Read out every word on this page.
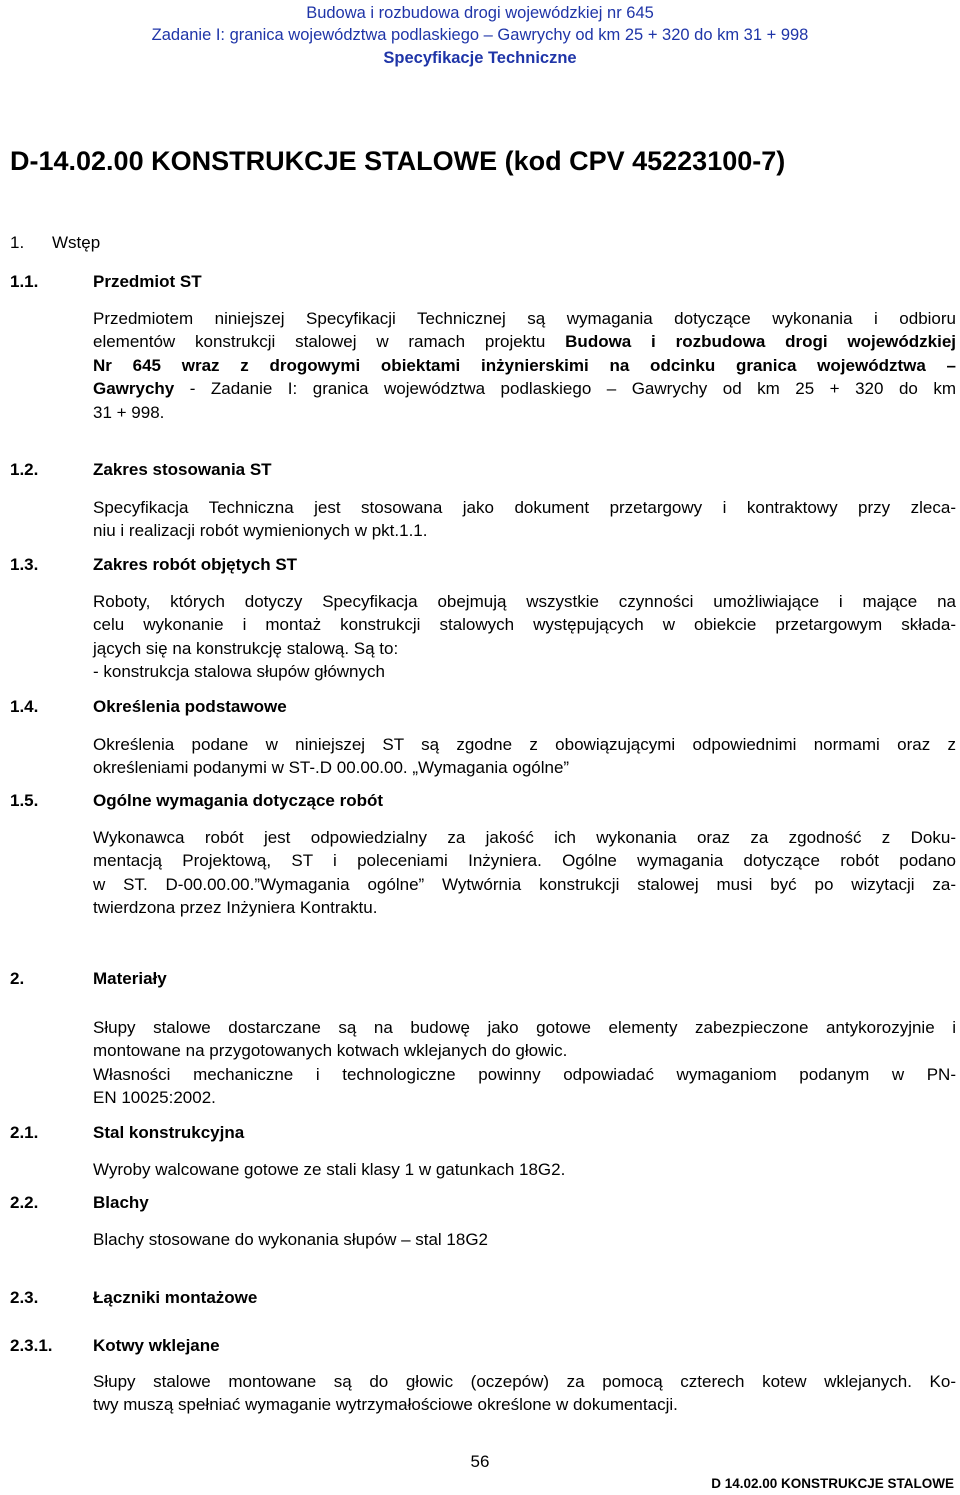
Budowa i rozbudowa drogi wojewódzkiej nr 645
Zadanie I: granica województwa podlaskiego – Gawrychy od km 25 + 320 do km 31 + 998
Specyfikacje Techniczne
D-14.02.00 KONSTRUKCJE STALOWE (kod CPV 45223100-7)
1. Wstęp
1.1.	Przedmiot ST
Przedmiotem niniejszej Specyfikacji Technicznej są wymagania dotyczące wykonania i odbioru
elementów konstrukcji stalowej w ramach projektu Budowa i rozbudowa drogi wojewódzkiej
Nr 645 wraz z drogowymi obiektami inżynierskimi na odcinku granica województwa –
Gawrychy - Zadanie I: granica województwa podlaskiego – Gawrychy od km 25 + 320 do km
31 + 998.
1.2.	Zakres stosowania ST
Specyfikacja Techniczna jest stosowana jako dokument przetargowy i kontraktowy przy zleca-
niu i realizacji robót wymienionych w pkt.1.1.
1.3.	Zakres robót objętych ST
Roboty, których dotyczy Specyfikacja obejmują wszystkie czynności umożliwiające i mające na
celu wykonanie i montaż konstrukcji stalowych występujących w obiekcie przetargowym składa-
jących się na konstrukcję stalową. Są to:
- konstrukcja stalowa słupów głównych
1.4.	Określenia podstawowe
Określenia podane w niniejszej ST są zgodne z obowiązującymi odpowiednimi normami oraz z
określeniami podanymi w ST-.D 00.00.00. „Wymagania ogólne”
1.5.	Ogólne wymagania dotyczące robót
Wykonawca robót jest odpowiedzialny za jakość ich wykonania oraz za zgodność z Doku-
mentacją Projektową, ST i poleceniami Inżyniera. Ogólne wymagania dotyczące robót podano
w ST. D-00.00.00.”Wymagania ogólne” Wytwórnia konstrukcji stalowej musi być po wizytacji za-
twierdzona przez Inżyniera Kontraktu.
2.	Materiały
Słupy stalowe dostarczane są na budowę jako gotowe elementy zabezpieczone antykorozyjnie i
montowane na przygotowanych kotwach wklejanych do głowic.
Własności mechaniczne i technologiczne powinny odpowiadać wymaganiom podanym w PN-
EN 10025:2002.
2.1.	Stal konstrukcyjna
Wyroby walcowane gotowe ze stali klasy 1 w gatunkach 18G2.
2.2.	Blachy
Blachy stosowane do wykonania słupów – stal 18G2
2.3.	Łączniki montażowe
2.3.1. Kotwy wklejane
Słupy stalowe montowane są do głowic (oczepów) za pomocą czterech kotew wklejanych. Ko-
twy muszą spełniać wymaganie wytrzymałościowe określone w dokumentacji.
56
D 14.02.00 KONSTRUKCJE STALOWE
